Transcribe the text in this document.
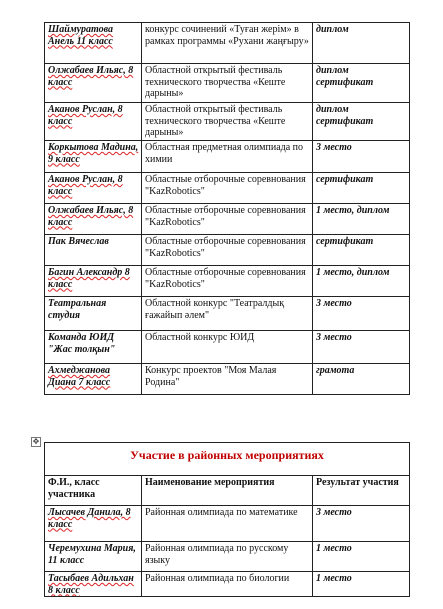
Шаймуратова Анель 11 класс	конкурс сочинений «Туған жерім» в рамках программы «Рухани жаңғыру»	диплом
Олжабаев Ильяс, 8 класс	Областной открытый фестиваль технического творчества «Кеште дарыны»	диплом сертификат
Аканов Руслан, 8 класс	Областной открытый фестиваль технического творчества «Кеште дарыны»	диплом сертификат
Коркытова Мадина, 9 класс	Областная предметная олимпиада по химии	3 место
Аканов Руслан, 8 класс	Областные отборочные соревнования "KazRobotics"	сертификат
Олжабаев Ильяс, 8 класс	Областные отборочные соревнования "KazRobotics"	1 место, диплом
Пак Вячеслав	Областные отборочные соревнования "KazRobotics"	сертификат
Багин Александр 8 класс	Областные отборочные соревнования "KazRobotics"	1 место, диплом
Театральная студия	Областной конкурс "Театралдық ғажайып әлем"	3 место
Команда ЮИД "Жас толқын"	Областной конкурс ЮИД	3 место
Ахмеджанова Диана 7 класс	Конкурс проектов "Моя Малая Родина"	грамота
✥
Участие в районных мероприятиях		
Ф.И., класс участника	Наименование мероприятия	Результат участия
Лысачев Данила, 8 класс	Районная олимпиада по математике	3 место
Черемухина Мария, 11 класс	Районная олимпиада по русскому языку	1 место
Тасыбаев Адильхан 8 класс	Районная олимпиада по биологии	1 место
